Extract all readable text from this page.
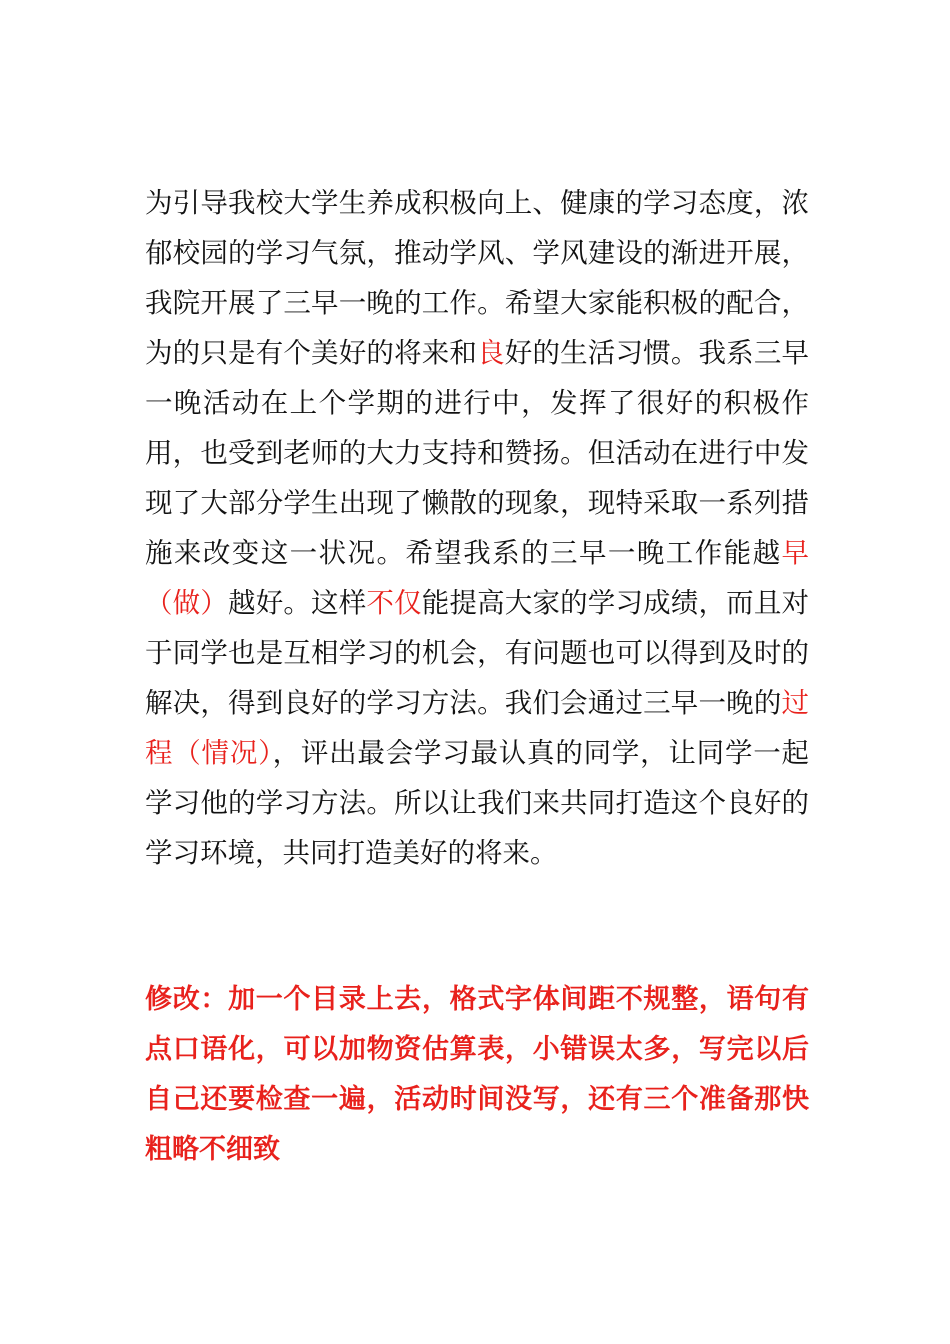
为引导我校大学生养成积极向上、健康的学习态度，浓郁校园的学习气氛，推动学风、学风建设的渐进开展，我院开展了三早一晚的工作。希望大家能积极的配合，为的只是有个美好的将来和良好的生活习惯。我系三早一晚活动在上个学期的进行中，发挥了很好的积极作用，也受到老师的大力支持和赞扬。但活动在进行中发现了大部分学生出现了懒散的现象，现特采取一系列措施来改变这一状况。希望我系的三早一晚工作能越早（做）越好。这样不仅能提高大家的学习成绩，而且对于同学也是互相学习的机会，有问题也可以得到及时的解决，得到良好的学习方法。我们会通过三早一晚的过程（情况），评出最会学习最认真的同学，让同学一起学习他的学习方法。所以让我们来共同打造这个良好的学习环境，共同打造美好的将来。

修改：加一个目录上去，格式字体间距不规整，语句有点口语化，可以加物资估算表，小错误太多，写完以后自己还要检查一遍，活动时间没写，还有三个准备那快粗略不细致
